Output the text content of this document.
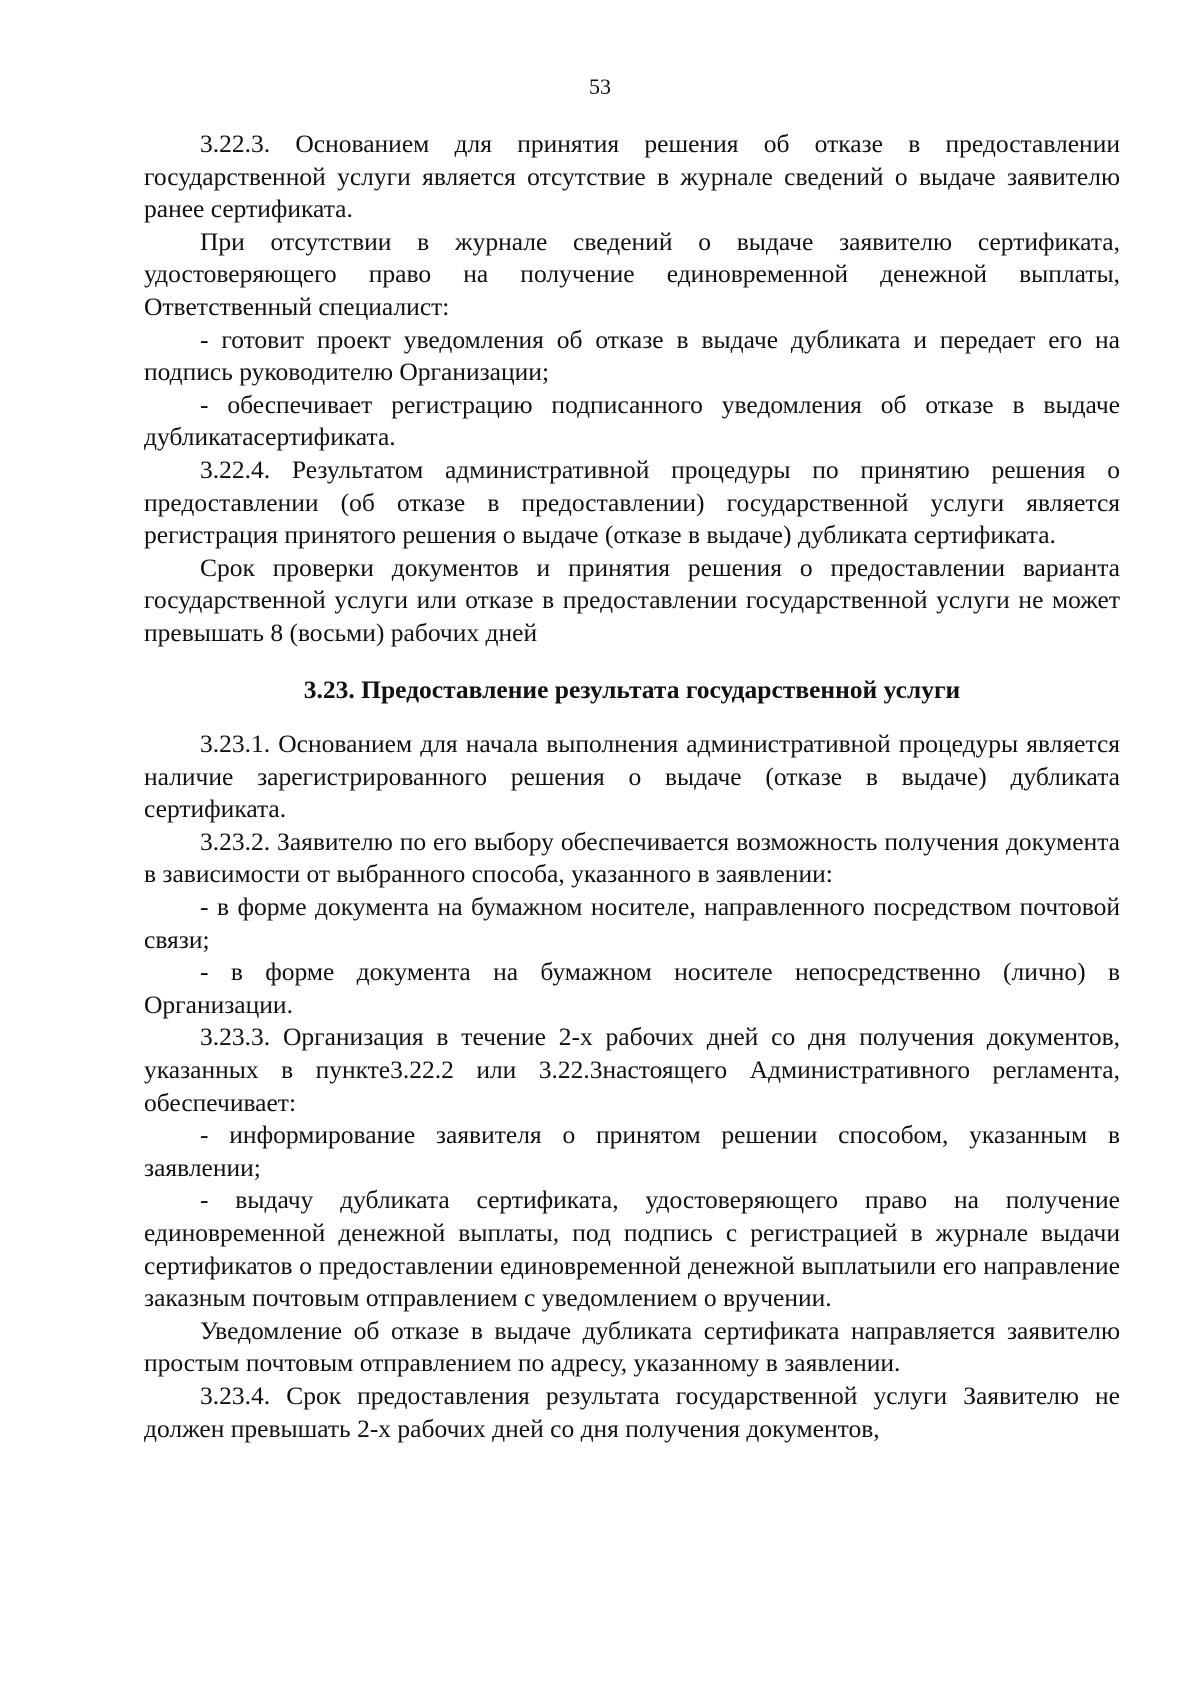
53

3.22.3. Основанием для принятия решения об отказе в предоставлении государственной услуги является отсутствие в журнале сведений о выдаче заявителю ранее сертификата.

При отсутствии в журнале сведений о выдаче заявителю сертификата, удостоверяющего право на получение единовременной денежной выплаты, Ответственный специалист:

- готовит проект уведомления об отказе в выдаче дубликата и передает его на подпись руководителю Организации;

- обеспечивает регистрацию подписанного уведомления об отказе в выдаче дубликатасертификата.

3.22.4. Результатом административной процедуры по принятию решения о предоставлении (об отказе в предоставлении) государственной услуги является регистрация принятого решения о выдаче (отказе в выдаче) дубликата сертификата.

Срок проверки документов и принятия решения о предоставлении варианта государственной услуги или отказе в предоставлении государственной услуги не может превышать 8 (восьми) рабочих дней

3.23. Предоставление результата государственной услуги

3.23.1. Основанием для начала выполнения административной процедуры является наличие зарегистрированного решения о выдаче (отказе в выдаче) дубликата сертификата.

3.23.2. Заявителю по его выбору обеспечивается возможность получения документа в зависимости от выбранного способа, указанного в заявлении:

- в форме документа на бумажном носителе, направленного посредством почтовой связи;

- в форме документа на бумажном носителе непосредственно (лично) в Организации.

3.23.3. Организация в течение 2-х рабочих дней со дня получения документов, указанных в пункте3.22.2 или 3.22.3настоящего Административного регламента, обеспечивает:

- информирование заявителя о принятом решении способом, указанным в заявлении;

- выдачу дубликата сертификата, удостоверяющего право на получение единовременной денежной выплаты, под подпись с регистрацией в журнале выдачи сертификатов о предоставлении единовременной денежной выплатыили его направление заказным почтовым отправлением с уведомлением о вручении.

Уведомление об отказе в выдаче дубликата сертификата направляется заявителю простым почтовым отправлением по адресу, указанному в заявлении.

3.23.4. Срок предоставления результата государственной услуги Заявителю не должен превышать 2-х рабочих дней со дня получения документов,
